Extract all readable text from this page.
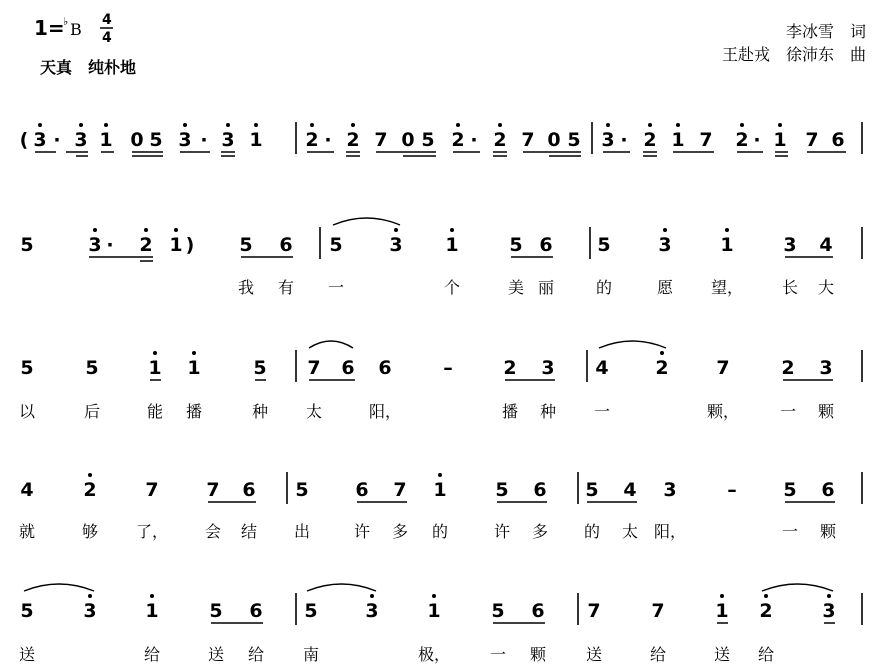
1=
♭ B 4
4
天真　纯朴地
李冰雪　词
王赴戎　徐沛东　曲
( 3 · 3 1 0 5 3 · 3 1 2 · 2 7 0 5 2 · 2 7 0 5 3 · 2 1 7 2 · 1 7 6
5	3 · 2 1 ) 5 6 5 3 1	5 6 5	3	1	3 4
我 有 一	个	美 丽	的	愿 望， 长 大
5	5	1 1	5 7 6 6	–	2 3 4 2	7	2 3
以	后	能 播	种 太	阳，	播 种 一	颗，	一 颗
4	2	7	7 6 5 6 7 1	5 6 5 4 3	– 5 6
就	够 了， 会 结 出	许 多 的	许 多 的 太 阳，	一 颗
5	3	1	5 6 5	3	1	5 6 7	7	1 2	3
送	给	送 给 南	极， 一 颗 送	给	送 给
